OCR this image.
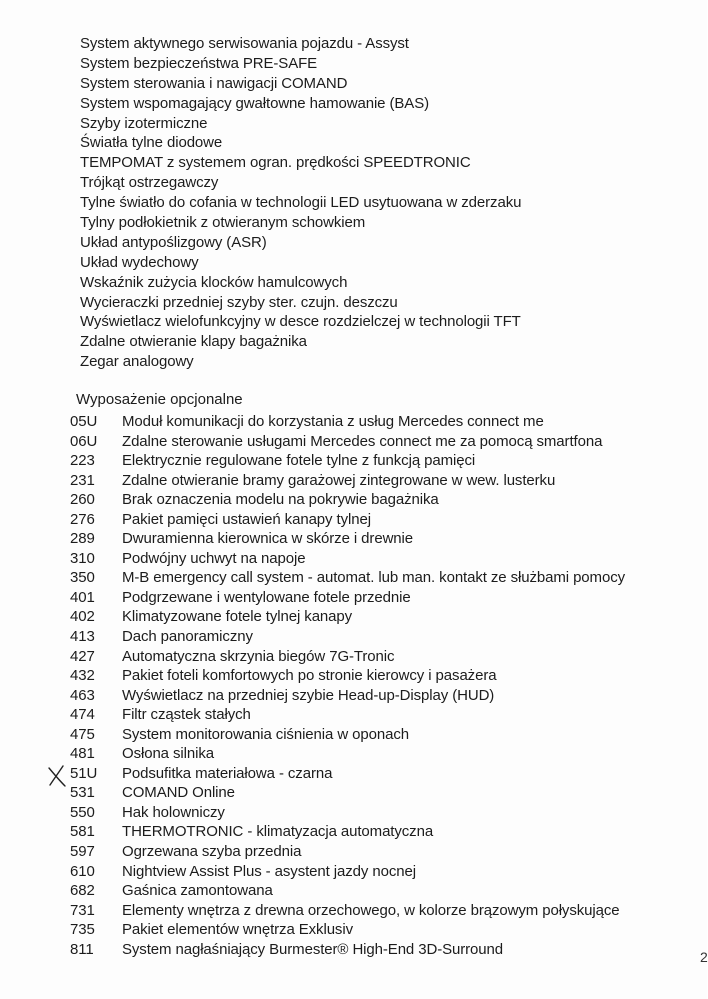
System aktywnego serwisowania pojazdu - Assyst
System bezpieczeństwa PRE-SAFE
System sterowania i nawigacji COMAND
System wspomagający gwałtowne hamowanie (BAS)
Szyby izotermiczne
Światła tylne diodowe
TEMPOMAT z systemem ogran. prędkości SPEEDTRONIC
Trójkąt ostrzegawczy
Tylne światło do cofania w technologii LED usytuowana w zderzaku
Tylny podłokietnik z otwieranym schowkiem
Układ antypoślizgowy (ASR)
Układ wydechowy
Wskaźnik zużycia klocków hamulcowych
Wycieraczki przedniej szyby ster. czujn. deszczu
Wyświetlacz wielofunkcyjny w desce rozdzielczej w technologii TFT
Zdalne otwieranie klapy bagażnika
Zegar analogowy
Wyposażenie opcjonalne
05U	Moduł komunikacji do korzystania z usług Mercedes connect me
06U	Zdalne sterowanie usługami Mercedes connect me za pomocą smartfona
223	Elektrycznie regulowane fotele tylne z funkcją pamięci
231	Zdalne otwieranie bramy garażowej zintegrowane w wew. lusterku
260	Brak oznaczenia modelu na pokrywie bagażnika
276	Pakiet pamięci ustawień kanapy tylnej
289	Dwuramienna kierownica w skórze i drewnie
310	Podwójny uchwyt na napoje
350	M-B emergency call system - automat. lub man. kontakt ze służbami pomocy
401	Podgrzewane i wentylowane fotele przednie
402	Klimatyzowane fotele tylnej kanapy
413	Dach panoramiczny
427	Automatyczna skrzynia biegów 7G-Tronic
432	Pakiet foteli komfortowych po stronie kierowcy i pasażera
463	Wyświetlacz na przedniej szybie Head-up-Display (HUD)
474	Filtr cząstek stałych
475	System monitorowania ciśnienia w oponach
481	Osłona silnika
51U	Podsufitka materiałowa - czarna
531	COMAND Online
550	Hak holowniczy
581	THERMOTRONIC - klimatyzacja automatyczna
597	Ogrzewana szyba przednia
610	Nightview Assist Plus - asystent jazdy nocnej
682	Gaśnica zamontowana
731	Elementy wnętrza z drewna orzechowego, w kolorze brązowym połyskujące
735	Pakiet elementów wnętrza Exklusiv
811	System nagłaśniający Burmester® High-End 3D-Surround	2
